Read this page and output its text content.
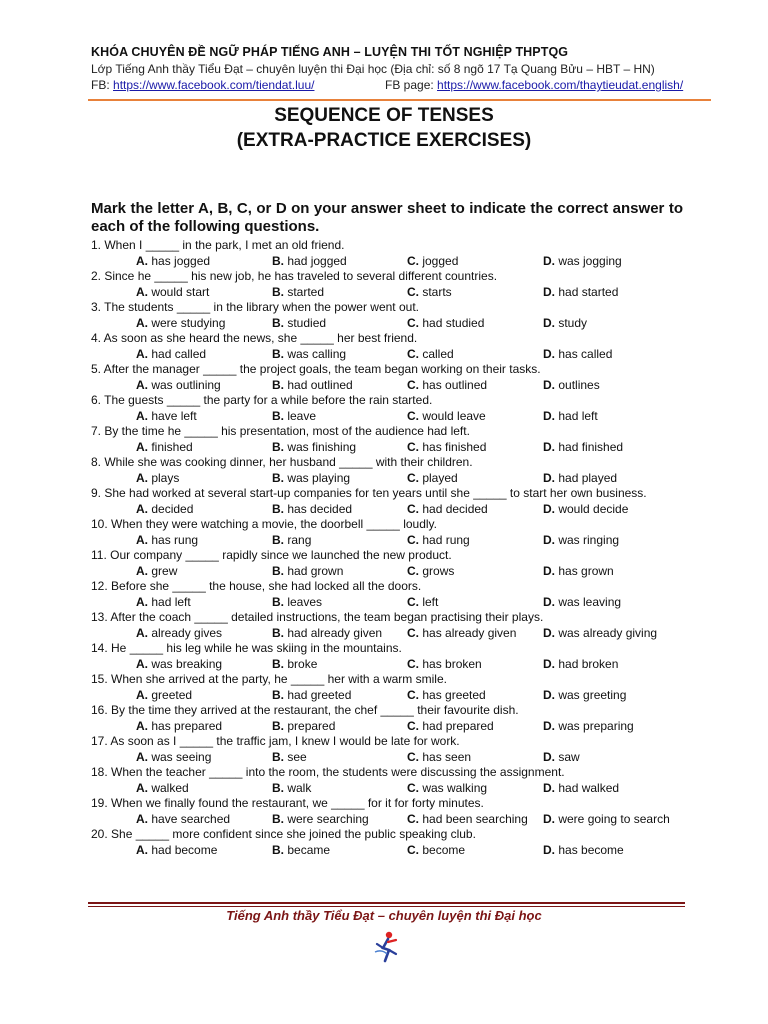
KHÓA CHUYÊN ĐỀ NGỮ PHÁP TIẾNG ANH – LUYỆN THI TỐT NGHIỆP THPTQG
Lớp Tiếng Anh thầy Tiểu Đạt – chuyên luyện thi Đại học (Địa chỉ: số 8 ngõ 17 Tạ Quang Bửu – HBT – HN)
FB: https://www.facebook.com/tiendat.luu/	FB page: https://www.facebook.com/thaytieudat.english/
SEQUENCE OF TENSES
(EXTRA-PRACTICE EXERCISES)
Mark the letter A, B, C, or D on your answer sheet to indicate the correct answer to each of the following questions.
1. When I _____ in the park, I met an old friend.
A. has jogged	B. had jogged	C. jogged	D. was jogging
2. Since he _____ his new job, he has traveled to several different countries.
A. would start	B. started	C. starts	D. had started
3. The students _____ in the library when the power went out.
A. were studying	B. studied	C. had studied	D. study
4. As soon as she heard the news, she _____ her best friend.
A. had called	B. was calling	C. called	D. has called
5. After the manager _____ the project goals, the team began working on their tasks.
A. was outlining	B. had outlined	C. has outlined	D. outlines
6. The guests _____ the party for a while before the rain started.
A. have left	B. leave	C. would leave	D. had left
7. By the time he _____ his presentation, most of the audience had left.
A. finished	B. was finishing	C. has finished	D. had finished
8. While she was cooking dinner, her husband _____ with their children.
A. plays	B. was playing	C. played	D. had played
9. She had worked at several start-up companies for ten years until she _____ to start her own business.
A. decided	B. has decided	C. had decided	D. would decide
10. When they were watching a movie, the doorbell _____ loudly.
A. has rung	B. rang	C. had rung	D. was ringing
11. Our company _____ rapidly since we launched the new product.
A. grew	B. had grown	C. grows	D. has grown
12. Before she _____ the house, she had locked all the doors.
A. had left	B. leaves	C. left	D. was leaving
13. After the coach _____ detailed instructions, the team began practising their plays.
A. already gives	B. had already given C. has already given D. was already giving
14. He _____ his leg while he was skiing in the mountains.
A. was breaking	B. broke	C. has broken	D. had broken
15. When she arrived at the party, he _____ her with a warm smile.
A. greeted	B. had greeted	C. has greeted	D. was greeting
16. By the time they arrived at the restaurant, the chef _____ their favourite dish.
A. has prepared	B. prepared	C. had prepared	D. was preparing
17. As soon as I _____ the traffic jam, I knew I would be late for work.
A. was seeing	B. see	C. has seen	D. saw
18. When the teacher _____ into the room, the students were discussing the assignment.
A. walked	B. walk	C. was walking	D. had walked
19. When we finally found the restaurant, we _____ for it for forty minutes.
A. have searched	B. were searching	C. had been searching D. were going to search
20. She _____ more confident since she joined the public speaking club.
A. had become	B. became	C. become	D. has become
Tiếng Anh thầy Tiểu Đạt – chuyên luyện thi Đại học
